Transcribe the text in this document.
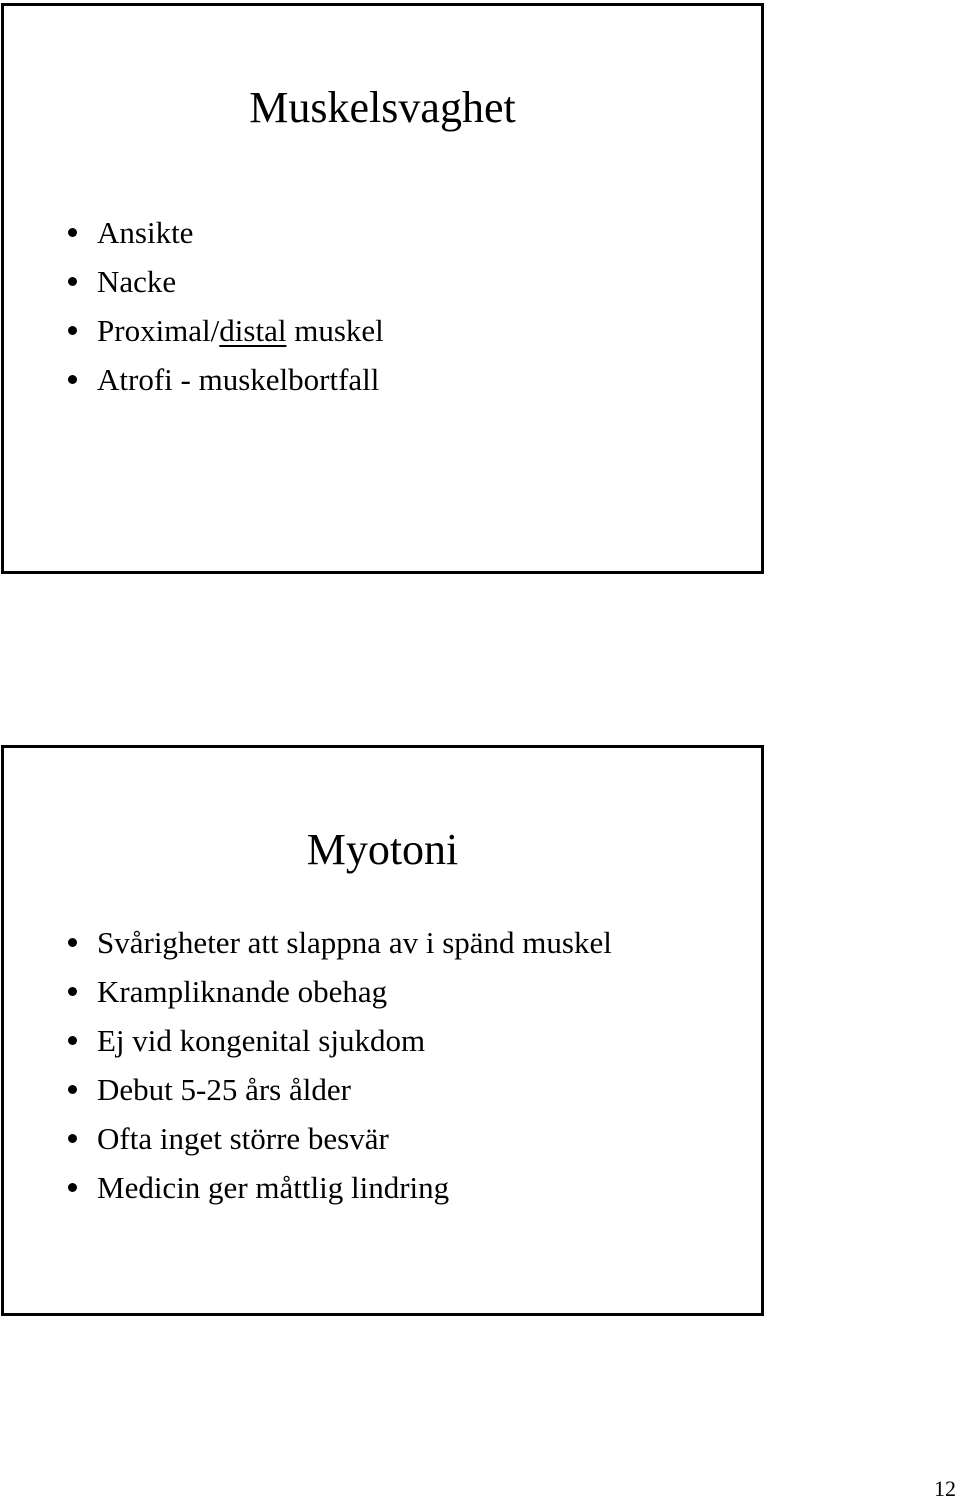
Muskelsvaghet
Ansikte
Nacke
Proximal/distal muskel
Atrofi - muskelbortfall
Myotoni
Svårigheter att slappna av i spänd muskel
Krampliknande obehag
Ej vid kongenital sjukdom
Debut 5-25 års ålder
Ofta inget större besvär
Medicin ger måttlig lindring
12
